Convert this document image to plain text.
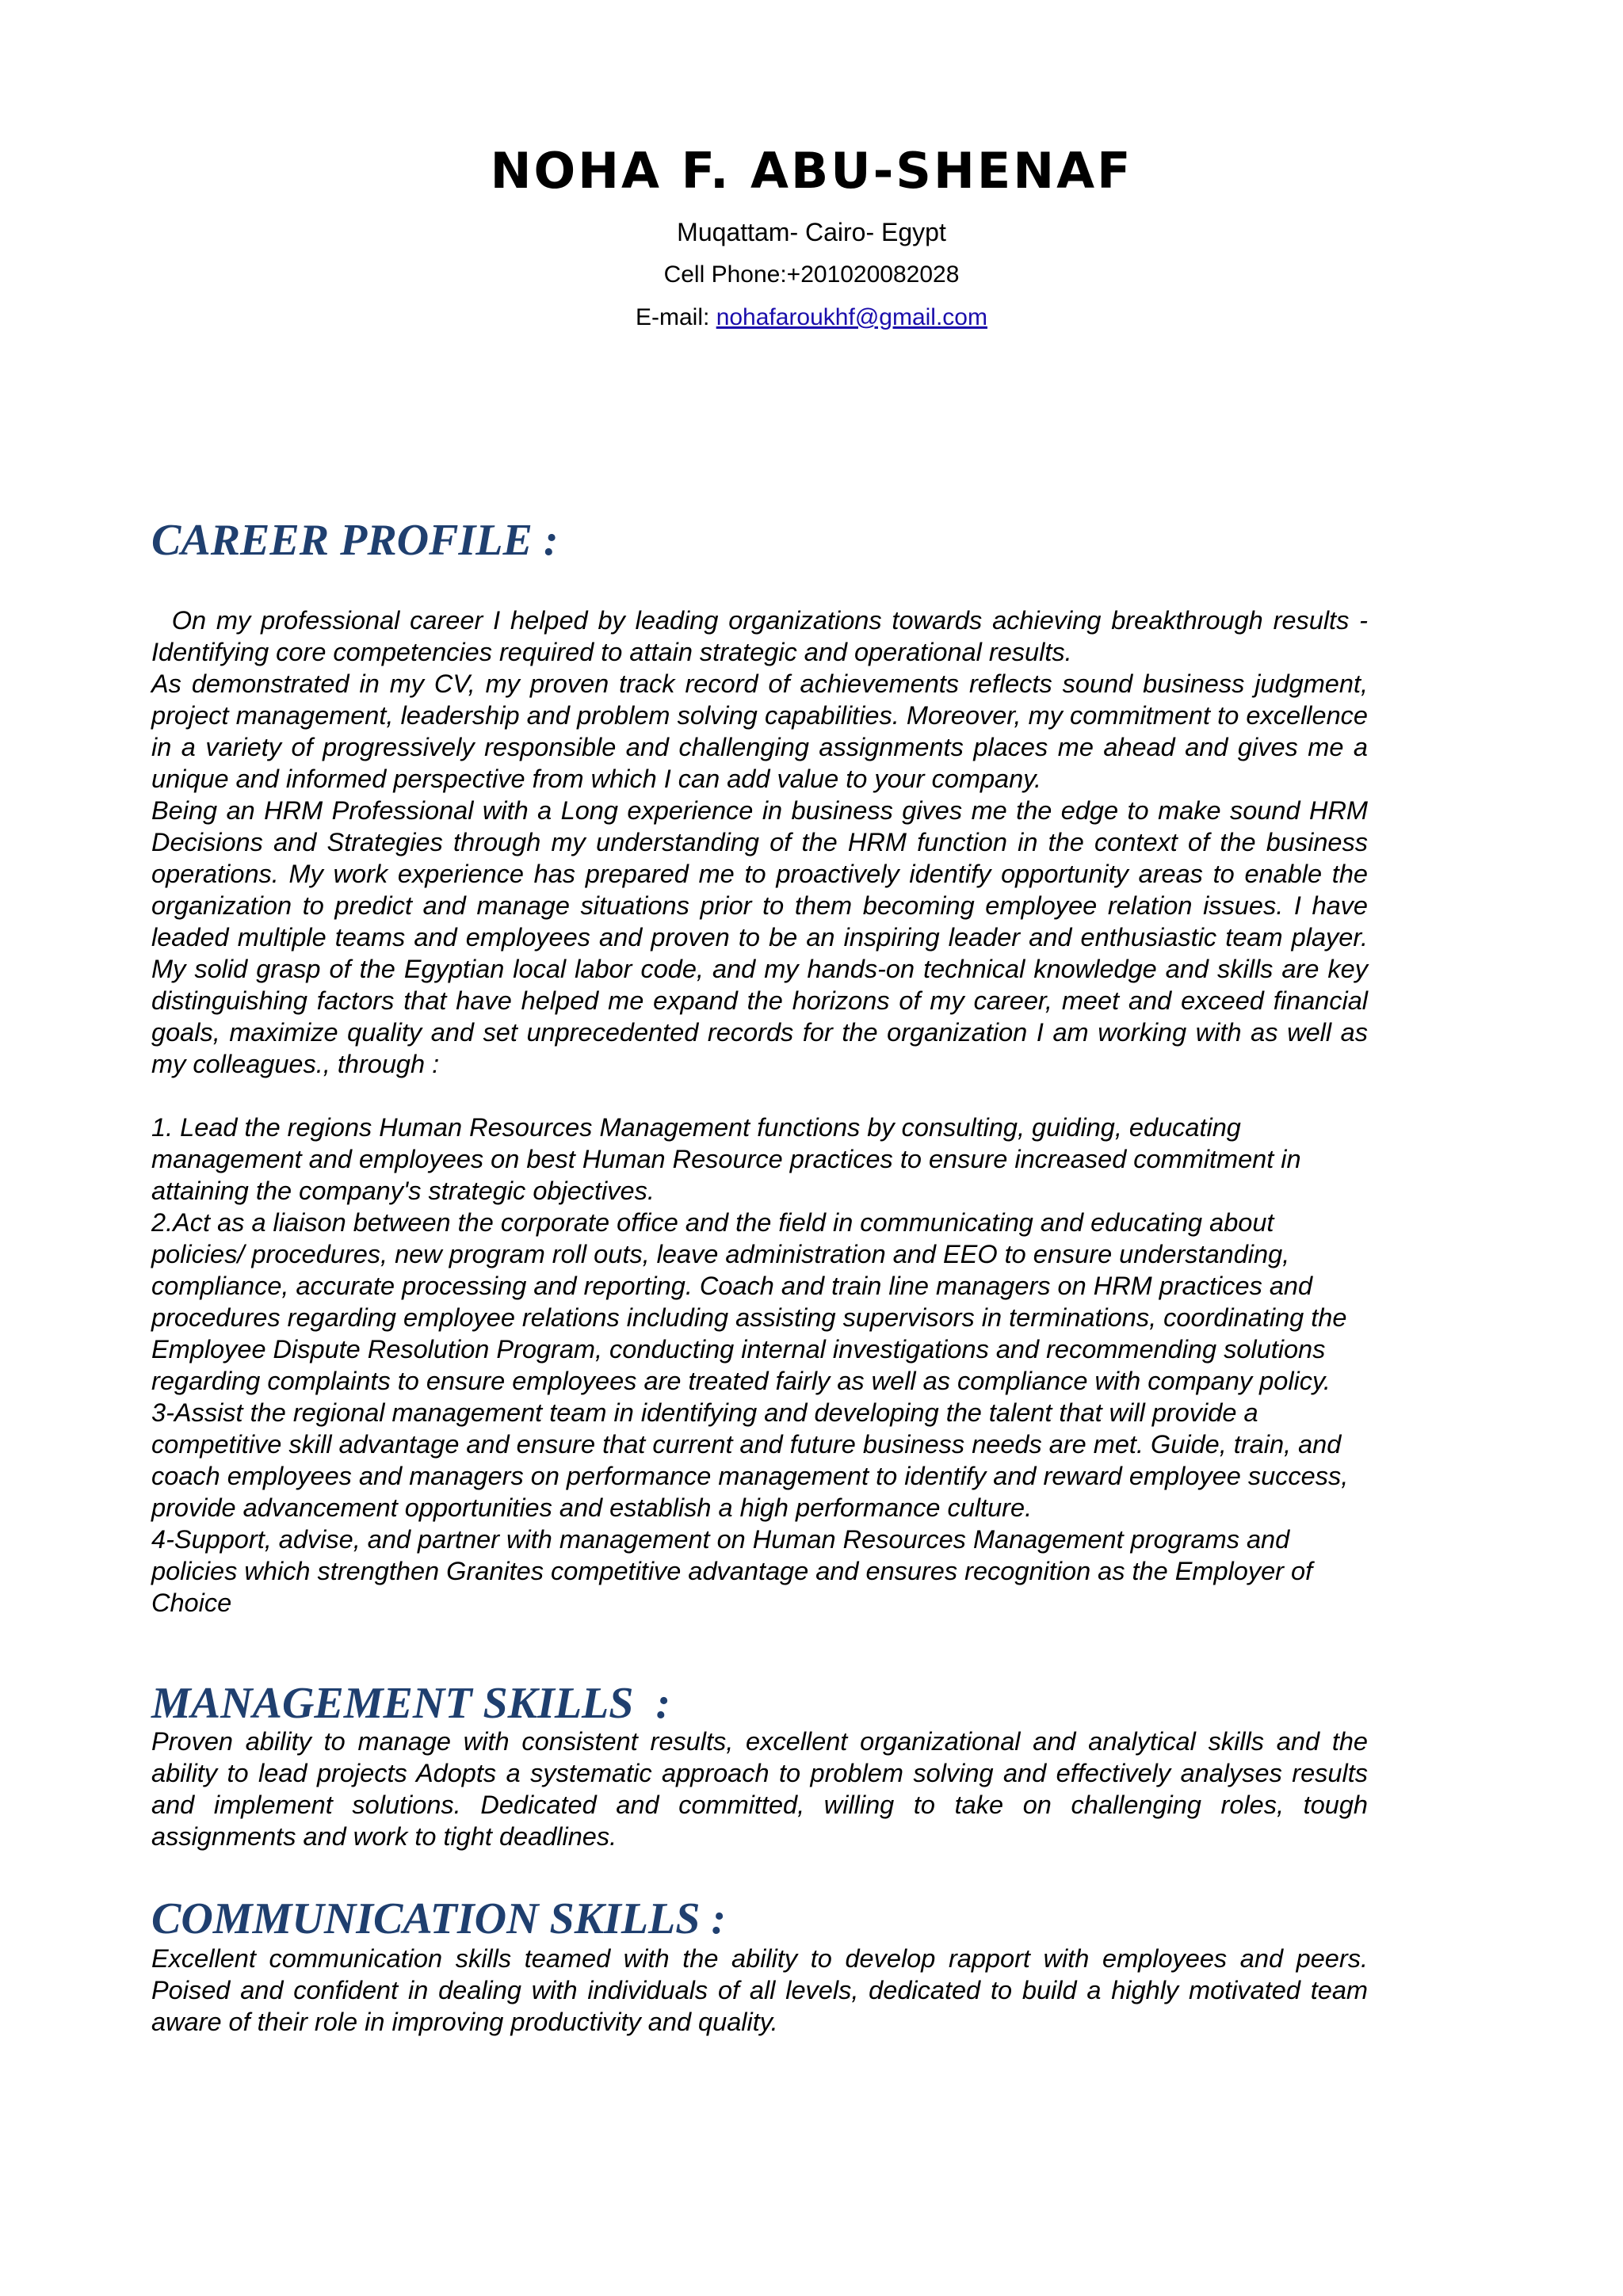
NOHA F. ABU-SHENAF

Muqattam- Cairo- Egypt

Cell Phone:+201020082028

E-mail: nohafaroukhf@gmail.com

CAREER PROFILE :

On my professional career I helped by leading organizations towards achieving breakthrough results - Identifying core competencies required to attain strategic and operational results.

As demonstrated in my CV, my proven track record of achievements reflects sound business judgment, project management, leadership and problem solving capabilities. Moreover, my commitment to excellence in a variety of progressively responsible and challenging assignments places me ahead and gives me a unique and informed perspective from which I can add value to your company.

Being an HRM Professional with a Long experience in business gives me the edge to make sound HRM Decisions and Strategies through my understanding of the HRM function in the context of the business operations. My work experience has prepared me to proactively identify opportunity areas to enable the organization to predict and manage situations prior to them becoming employee relation issues. I have leaded multiple teams and employees and proven to be an inspiring leader and enthusiastic team player. My solid grasp of the Egyptian local labor code, and my hands-on technical knowledge and skills are key distinguishing factors that have helped me expand the horizons of my career, meet and exceed financial goals, maximize quality and set unprecedented records for the organization I am working with as well as my colleagues., through :

1. Lead the regions Human Resources Management functions by consulting, guiding, educating management and employees on best Human Resource practices to ensure increased commitment in attaining the company's strategic objectives.

2.Act as a liaison between the corporate office and the field in communicating and educating about policies/ procedures, new program roll outs, leave administration and EEO to ensure understanding, compliance, accurate processing and reporting. Coach and train line managers on HRM practices and procedures regarding employee relations including assisting supervisors in terminations, coordinating the Employee Dispute Resolution Program, conducting internal investigations and recommending solutions regarding complaints to ensure employees are treated fairly as well as compliance with company policy.

3-Assist the regional management team in identifying and developing the talent that will provide a competitive skill advantage and ensure that current and future business needs are met. Guide, train, and coach employees and managers on performance management to identify and reward employee success, provide advancement opportunities and establish a high performance culture.

4-Support, advise, and partner with management on Human Resources Management programs and policies which strengthen Granites competitive advantage and ensures recognition as the Employer of Choice

MANAGEMENT SKILLS  :

Proven ability to manage with consistent results, excellent organizational and analytical skills and the ability to lead projects Adopts a systematic approach to problem solving and effectively analyses results and implement solutions. Dedicated and committed, willing to take on challenging roles, tough assignments and work to tight deadlines.

COMMUNICATION SKILLS :

Excellent communication skills teamed with the ability to develop rapport with employees and peers. Poised and confident in dealing with individuals of all levels, dedicated to build a highly motivated team aware of their role in improving productivity and quality.
